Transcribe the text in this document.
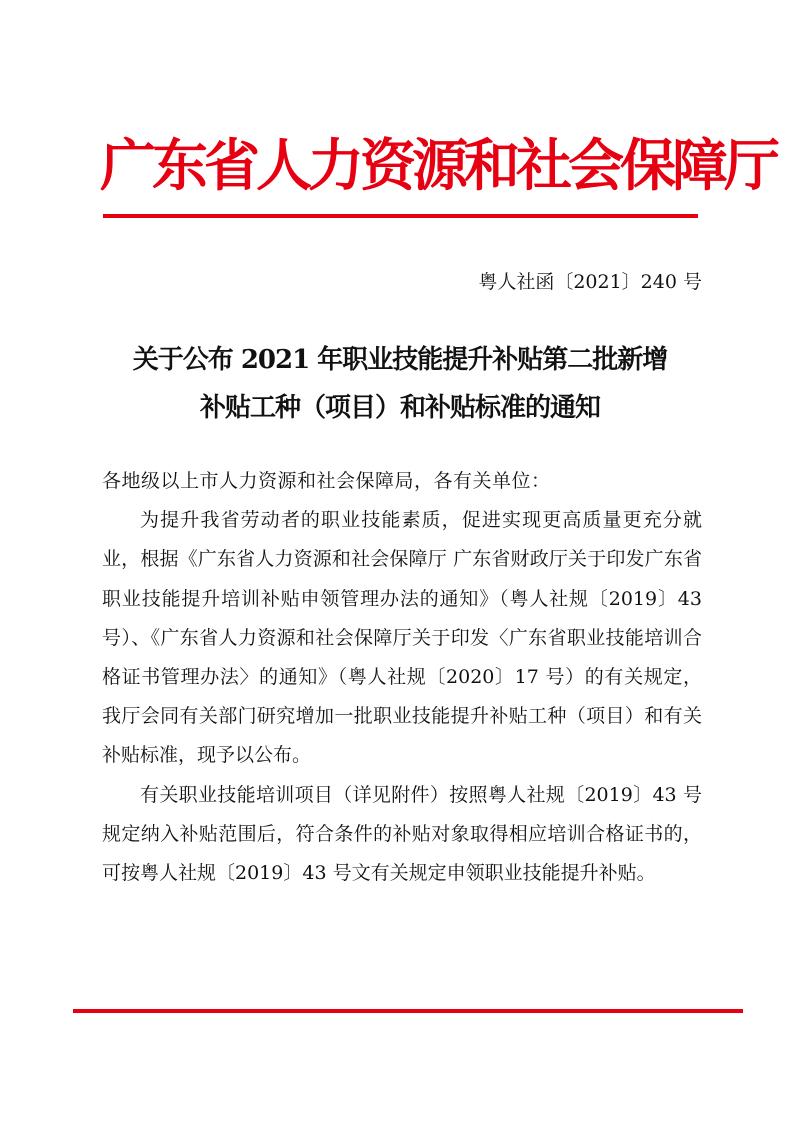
广东省人力资源和社会保障厅
粤人社函〔2021〕240 号
关于公布 2021 年职业技能提升补贴第二批新增
补贴工种（项目）和补贴标准的通知

各地级以上市人力资源和社会保障局，各有关单位：

为提升我省劳动者的职业技能素质，促进实现更高质量更充分就业，根据《广东省人力资源和社会保障厅 广东省财政厅关于印发广东省职业技能提升培训补贴申领管理办法的通知》（粤人社规〔2019〕43 号）、《广东省人力资源和社会保障厅关于印发〈广东省职业技能培训合格证书管理办法〉的通知》（粤人社规〔2020〕17 号）的有关规定，我厅会同有关部门研究增加一批职业技能提升补贴工种（项目）和有关补贴标准，现予以公布。

有关职业技能培训项目（详见附件）按照粤人社规〔2019〕43 号规定纳入补贴范围后，符合条件的补贴对象取得相应培训合格证书的，可按粤人社规〔2019〕43 号文有关规定申领职业技能提升补贴。
